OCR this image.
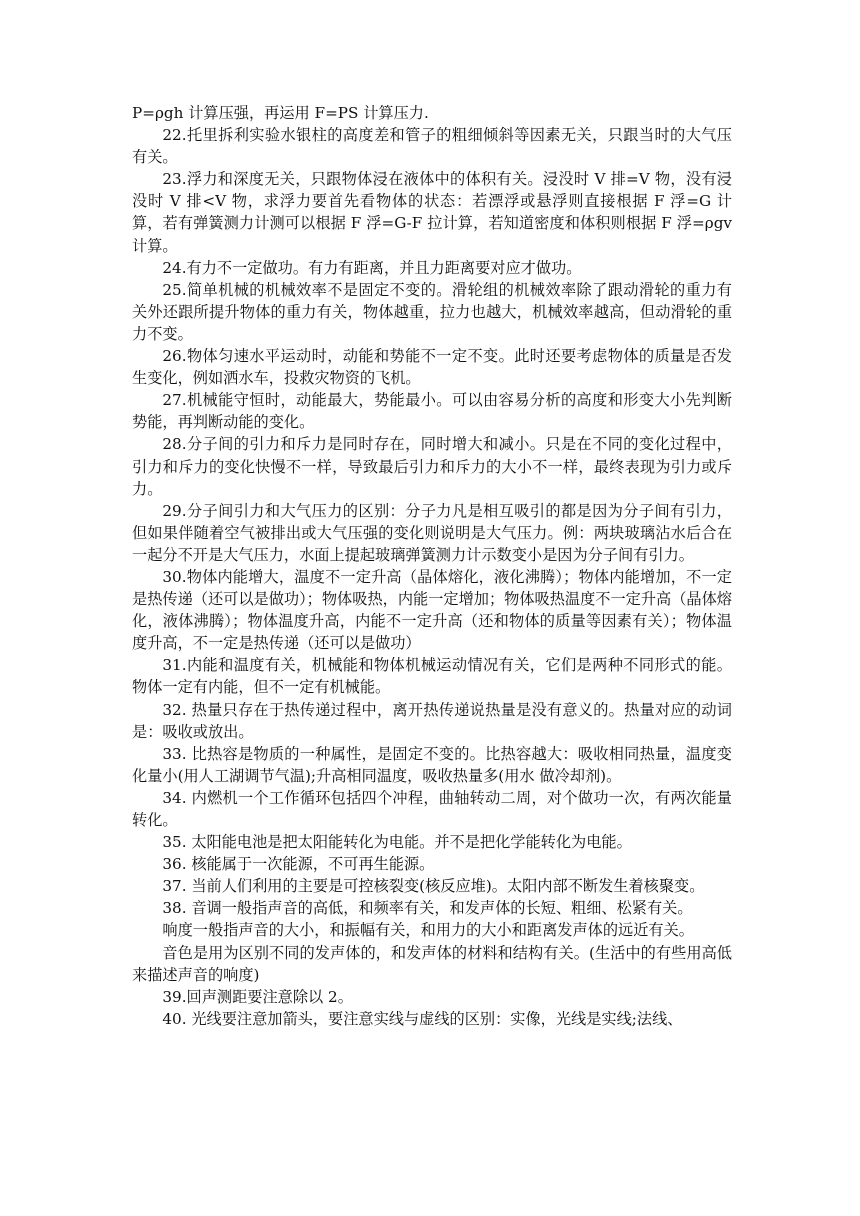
P=ρgh 计算压强，再运用 F=PS 计算压力.

22.托里拆利实验水银柱的高度差和管子的粗细倾斜等因素无关，只跟当时的大气压有关。

23.浮力和深度无关，只跟物体浸在液体中的体积有关。浸没时 V 排=V 物，没有浸没时 V 排<V 物，求浮力要首先看物体的状态：若漂浮或悬浮则直接根据 F 浮=G 计算，若有弹簧测力计测可以根据 F 浮=G-F 拉计算，若知道密度和体积则根据 F 浮=ρgv 计算。

24.有力不一定做功。有力有距离，并且力距离要对应才做功。

25.简单机械的机械效率不是固定不变的。滑轮组的机械效率除了跟动滑轮的重力有关外还跟所提升物体的重力有关，物体越重，拉力也越大，机械效率越高，但动滑轮的重力不变。

26.物体匀速水平运动时，动能和势能不一定不变。此时还要考虑物体的质量是否发生变化，例如洒水车，投救灾物资的飞机。

27.机械能守恒时，动能最大，势能最小。可以由容易分析的高度和形变大小先判断势能，再判断动能的变化。

28.分子间的引力和斥力是同时存在，同时增大和减小。只是在不同的变化过程中，引力和斥力的变化快慢不一样，导致最后引力和斥力的大小不一样，最终表现为引力或斥力。

29.分子间引力和大气压力的区别：分子力凡是相互吸引的都是因为分子间有引力，但如果伴随着空气被排出或大气压强的变化则说明是大气压力。例：两块玻璃沾水后合在一起分不开是大气压力，水面上提起玻璃弹簧测力计示数变小是因为分子间有引力。

30.物体内能增大，温度不一定升高（晶体熔化，液化沸腾）；物体内能增加，不一定是热传递（还可以是做功）；物体吸热，内能一定增加；物体吸热温度不一定升高（晶体熔化，液体沸腾）；物体温度升高，内能不一定升高（还和物体的质量等因素有关）；物体温度升高，不一定是热传递（还可以是做功）

31.内能和温度有关，机械能和物体机械运动情况有关，它们是两种不同形式的能。物体一定有内能，但不一定有机械能。

32. 热量只存在于热传递过程中，离开热传递说热量是没有意义的。热量对应的动词是：吸收或放出。

33. 比热容是物质的一种属性，是固定不变的。比热容越大：吸收相同热量，温度变化量小(用人工湖调节气温);升高相同温度，吸收热量多(用水 做冷却剂)。

34. 内燃机一个工作循环包括四个冲程，曲轴转动二周，对个做功一次，有两次能量转化。

35. 太阳能电池是把太阳能转化为电能。并不是把化学能转化为电能。

36. 核能属于一次能源，不可再生能源。

37. 当前人们利用的主要是可控核裂变(核反应堆)。太阳内部不断发生着核聚变。

38. 音调一般指声音的高低，和频率有关，和发声体的长短、粗细、松紧有关。

响度一般指声音的大小，和振幅有关，和用力的大小和距离发声体的远近有关。

音色是用为区别不同的发声体的，和发声体的材料和结构有关。(生活中的有些用高低来描述声音的响度)

39.回声测距要注意除以 2。

40. 光线要注意加箭头，要注意实线与虚线的区别：实像，光线是实线;法线、
